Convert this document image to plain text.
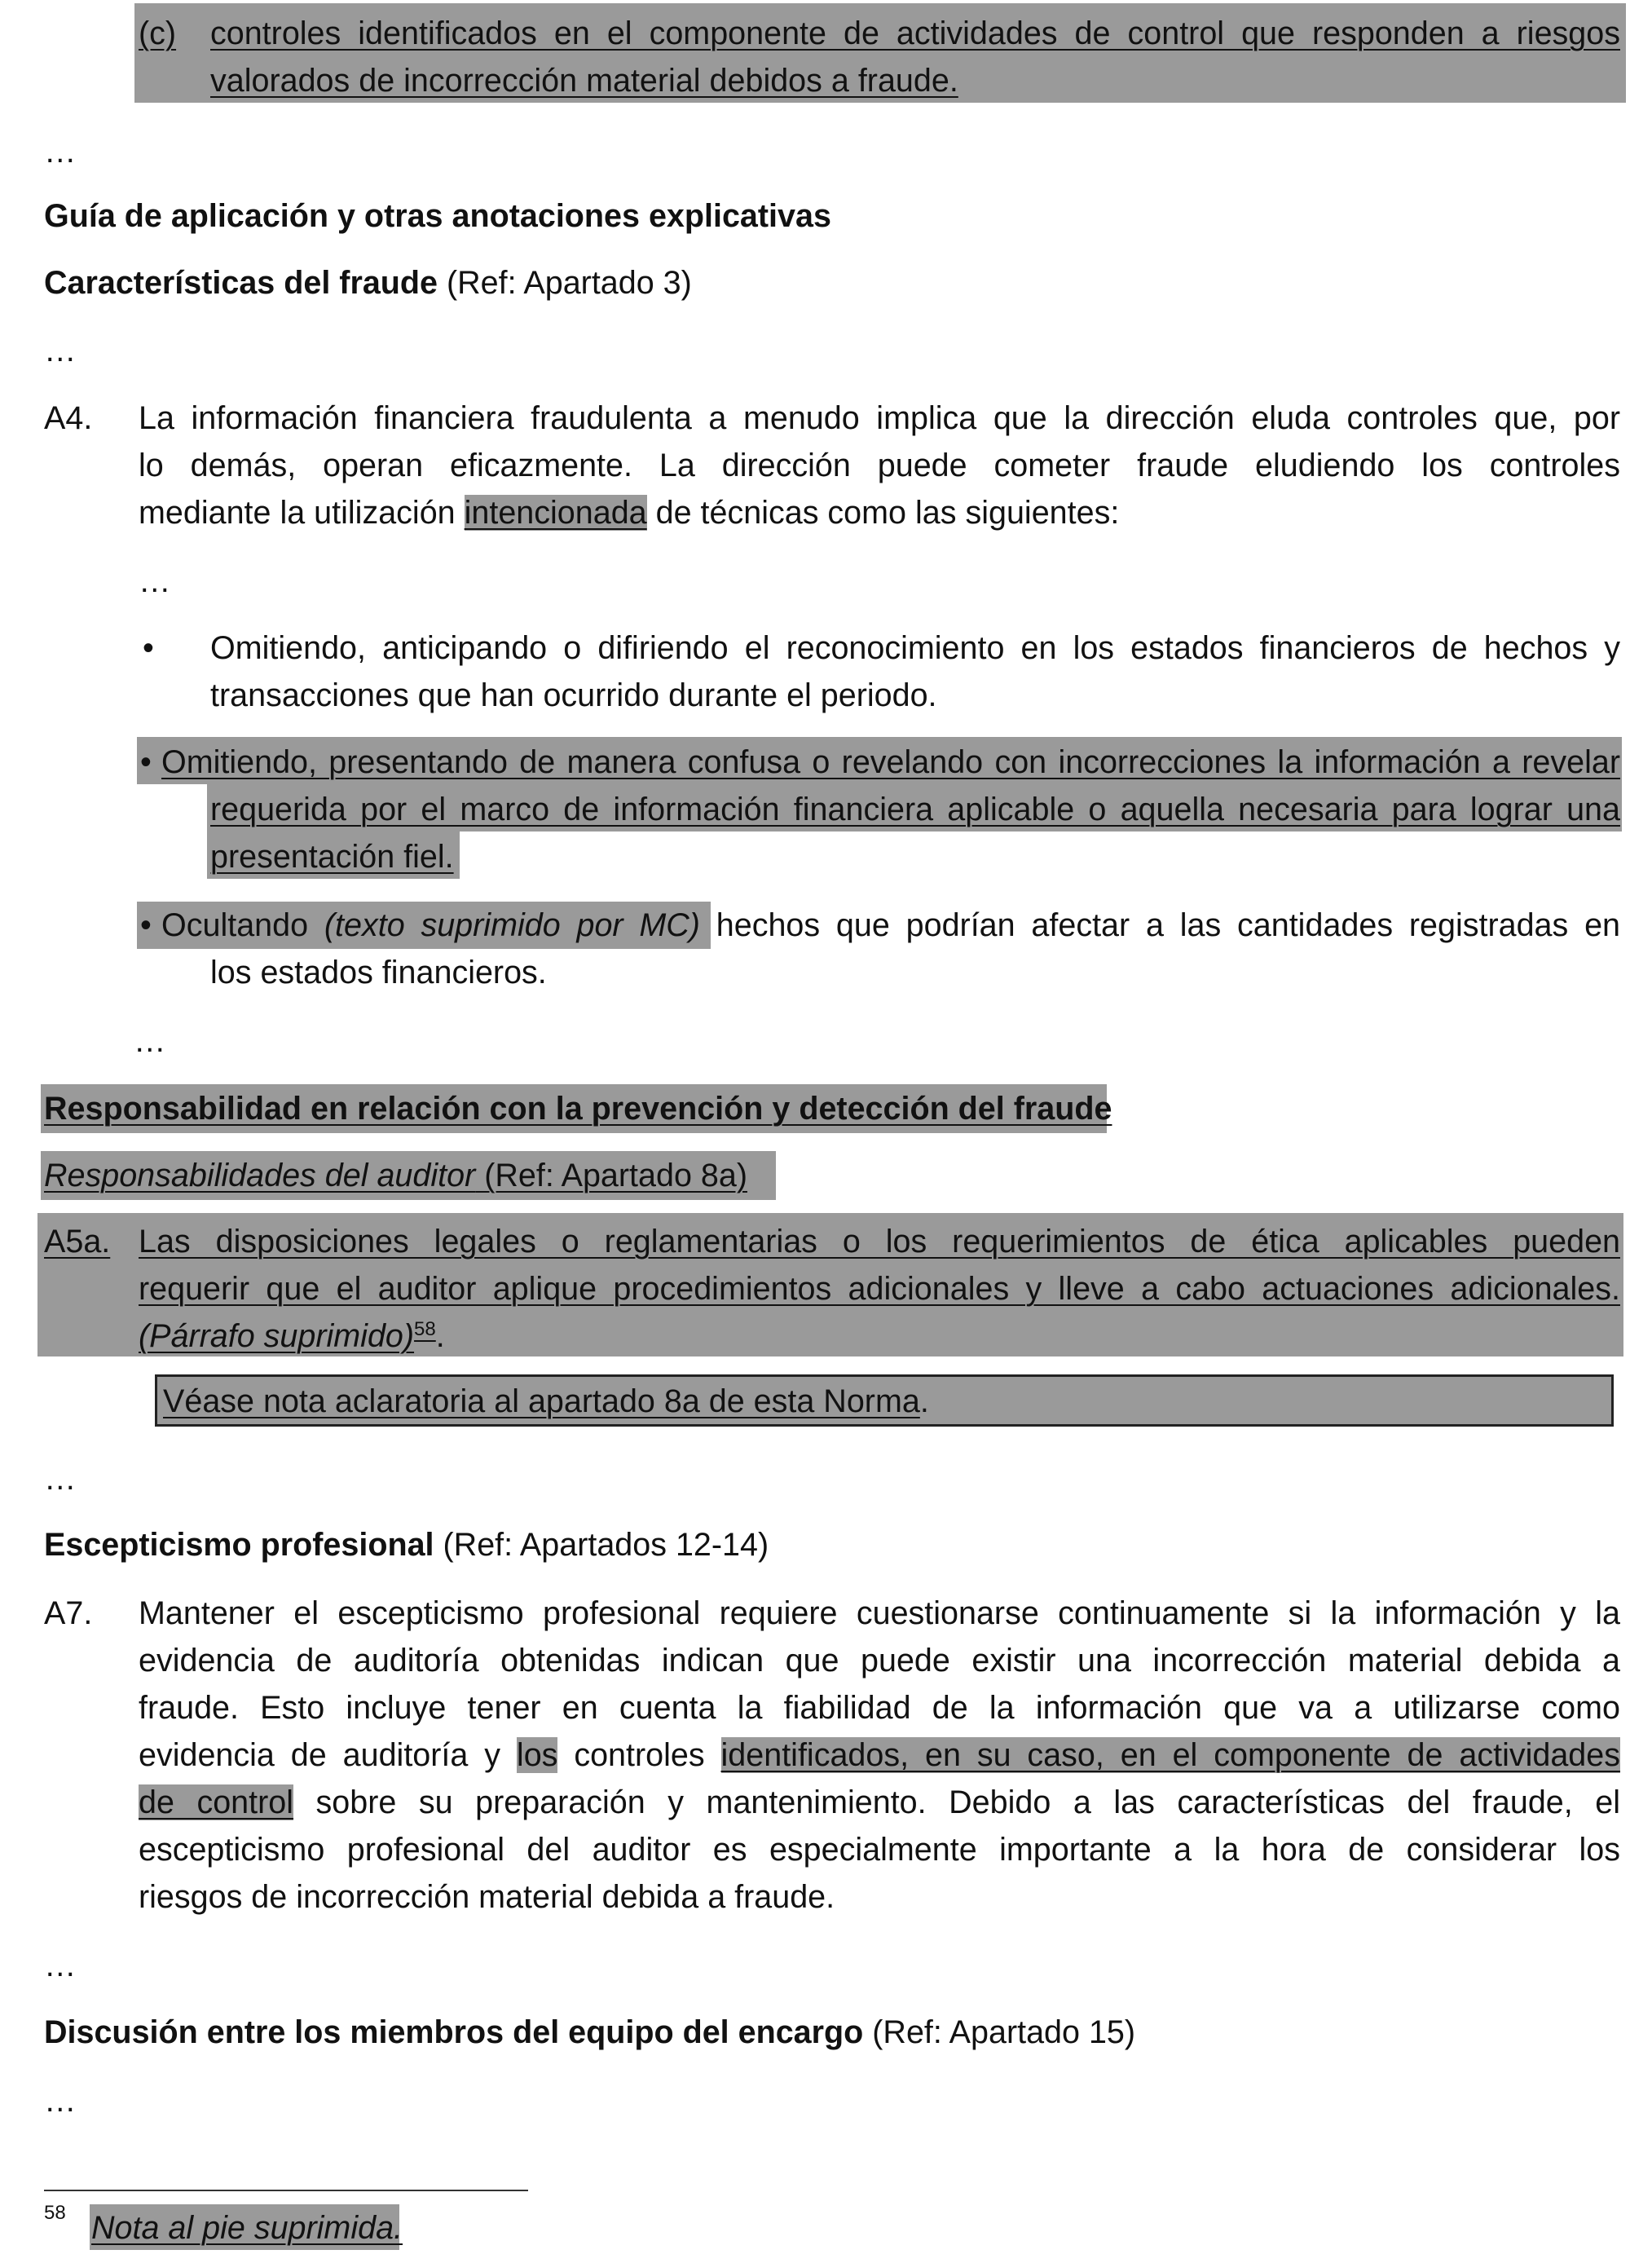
(c) controles identificados en el componente de actividades de control que responden a riesgos
valorados de incorrección material debidos a fraude.
…
Guía de aplicación y otras anotaciones explicativas
Características del fraude (Ref: Apartado 3)
…
A4. La información financiera fraudulenta a menudo implica que la dirección eluda controles que, por
lo demás, operan eficazmente. La dirección puede cometer fraude eludiendo los controles
mediante la utilización intencionada de técnicas como las siguientes:
…
• Omitiendo, anticipando o difiriendo el reconocimiento en los estados financieros de hechos y
transacciones que han ocurrido durante el periodo.
• Omitiendo, presentando de manera confusa o revelando con incorrecciones la información a revelar
requerida por el marco de información financiera aplicable o aquella necesaria para lograr una
presentación fiel.
• Ocultando (texto suprimido por MC) hechos que podrían afectar a las cantidades registradas en
los estados financieros.
…
Responsabilidad en relación con la prevención y detección del fraude
Responsabilidades del auditor (Ref: Apartado 8a)
A5a. Las disposiciones legales o reglamentarias o los requerimientos de ética aplicables pueden
requerir que el auditor aplique procedimientos adicionales y lleve a cabo actuaciones adicionales.
(Párrafo suprimido)$^{58}$.
Véase nota aclaratoria al apartado 8a de esta Norma.
…
Escepticismo profesional (Ref: Apartados 12-14)
A7. Mantener el escepticismo profesional requiere cuestionarse continuamente si la información y la
evidencia de auditoría obtenidas indican que puede existir una incorrección material debida a
fraude. Esto incluye tener en cuenta la fiabilidad de la información que va a utilizarse como
evidencia de auditoría y los controles identificados, en su caso, en el componente de actividades
de control sobre su preparación y mantenimiento. Debido a las características del fraude, el
escepticismo profesional del auditor es especialmente importante a la hora de considerar los
riesgos de incorrección material debida a fraude.
…
Discusión entre los miembros del equipo del encargo (Ref: Apartado 15)
…
58 Nota al pie suprimida.
